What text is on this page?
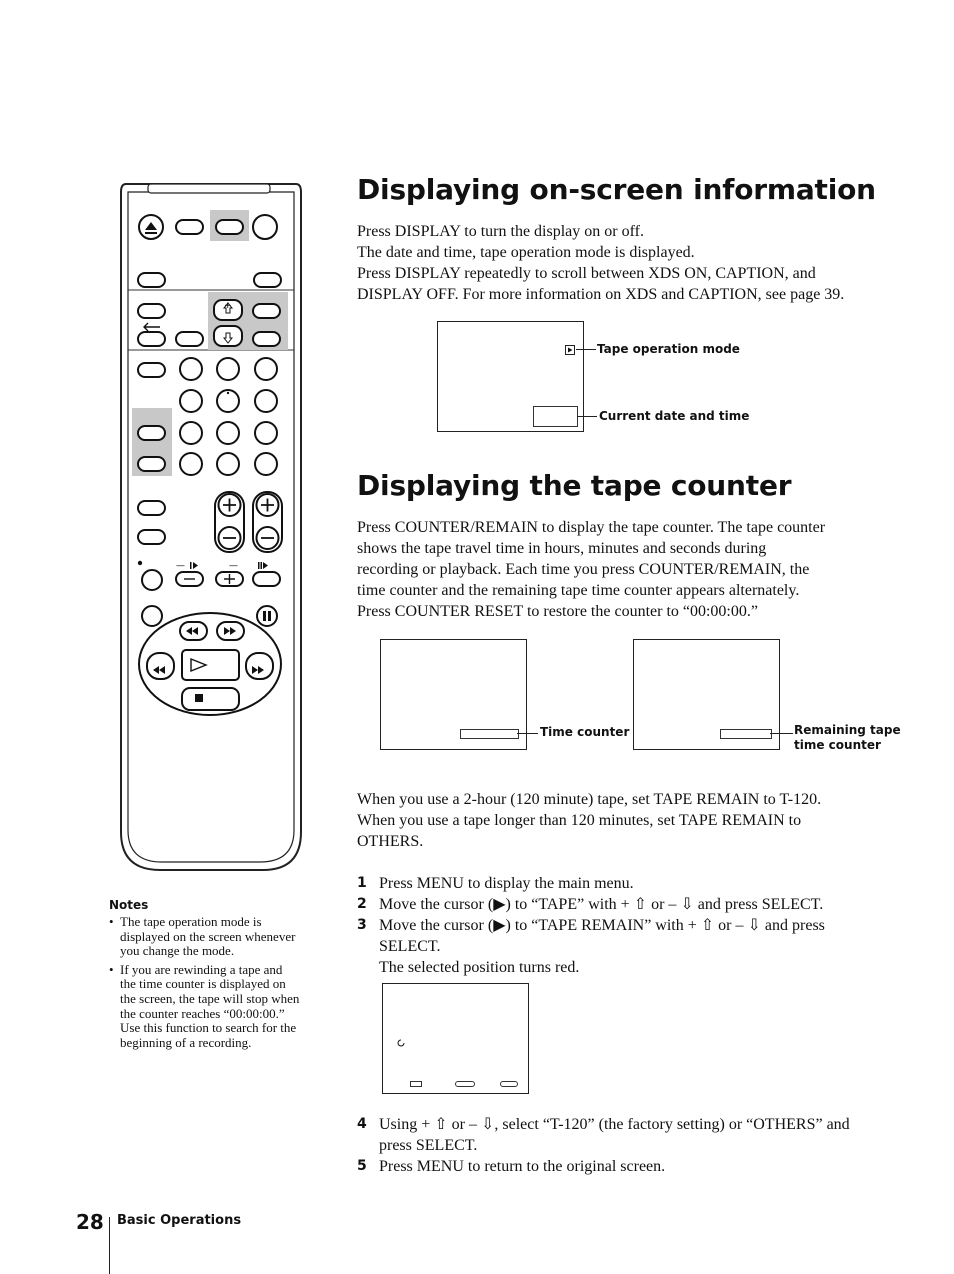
+
—	—
Notes
• The tape operation mode is
displayed on the screen whenever
you change the mode.
• If you are rewinding a tape and
the time counter is displayed on
the screen, the tape will stop when
the counter reaches “00:00:00.”
Use this function to search for the
beginning of a recording.
Displaying on-screen information

Press DISPLAY to turn the display on or off.

The date and time, tape operation mode is displayed.

Press DISPLAY repeatedly to scroll between XDS ON, CAPTION, and

DISPLAY OFF. For more information on XDS and CAPTION, see page 39.

Tape operation mode
Current date and time
Displaying the tape counter

Press COUNTER/REMAIN to display the tape counter. The tape counter

shows the tape travel time in hours, minutes and seconds during

recording or playback. Each time you press COUNTER/REMAIN, the

time counter and the remaining tape time counter appears alternately.

Press COUNTER RESET to restore the counter to “00:00:00.”

Time counter	Remaining tape
time counter

When you use a 2-hour (120 minute) tape, set TAPE REMAIN to T-120.

When you use a tape longer than 120 minutes, set TAPE REMAIN to

OTHERS.

1 Press MENU to display the main menu.
2 Move the cursor (▶) to “TAPE” with + ⇧ or – ⇩ and press SELECT.
3 Move the cursor (▶) to “TAPE REMAIN” with + ⇧ or – ⇩ and press
SELECT.
The selected position turns red.
4 Using + ⇧ or – ⇩, select “T-120” (the factory setting) or “OTHERS” and
press SELECT.
5 Press MENU to return to the original screen.
28 Basic Operations
